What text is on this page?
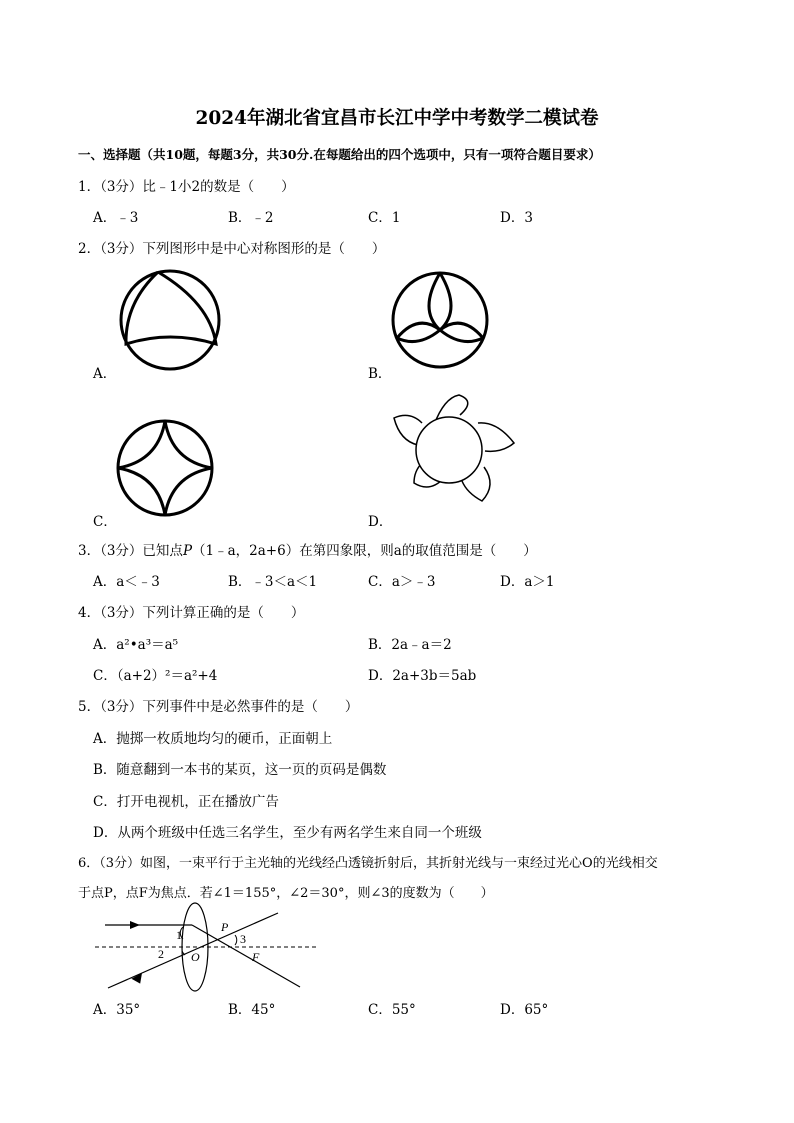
2024年湖北省宜昌市长江中学中考数学二模试卷
一、选择题（共10题，每题3分，共30分.在每题给出的四个选项中，只有一项符合题目要求）
1．（3分）比﹣1小2的数是（　　）
A．﹣3	B．﹣2	C．1	D．3
2．（3分）下列图形中是中心对称图形的是（　　）
A．	B．
C．	D．
3．（3分）已知点P（1﹣a，2a+6）在第四象限，则a的取值范围是（　　）
A．a＜﹣3	B．﹣3＜a＜1	C．a＞﹣3	D．a＞1
4．（3分）下列计算正确的是（　　）
A．a²•a³＝a⁵	B．2a﹣a＝2
C．（a+2）²＝a²+4	D．2a+3b＝5ab
5．（3分）下列事件中是必然事件的是（　　）
A．抛掷一枚质地均匀的硬币，正面朝上
B．随意翻到一本书的某页，这一页的页码是偶数
C．打开电视机，正在播放广告
D．从两个班级中任选三名学生，至少有两名学生来自同一个班级
6．（3分）如图，一束平行于主光轴的光线经凸透镜折射后，其折射光线与一束经过光心O的光线相交
于点P，点F为焦点．若∠1＝155°，∠2＝30°，则∠3的度数为（　　）
1
2
3
P
O	F
A．35°	B．45°	C．55°	D．65°
